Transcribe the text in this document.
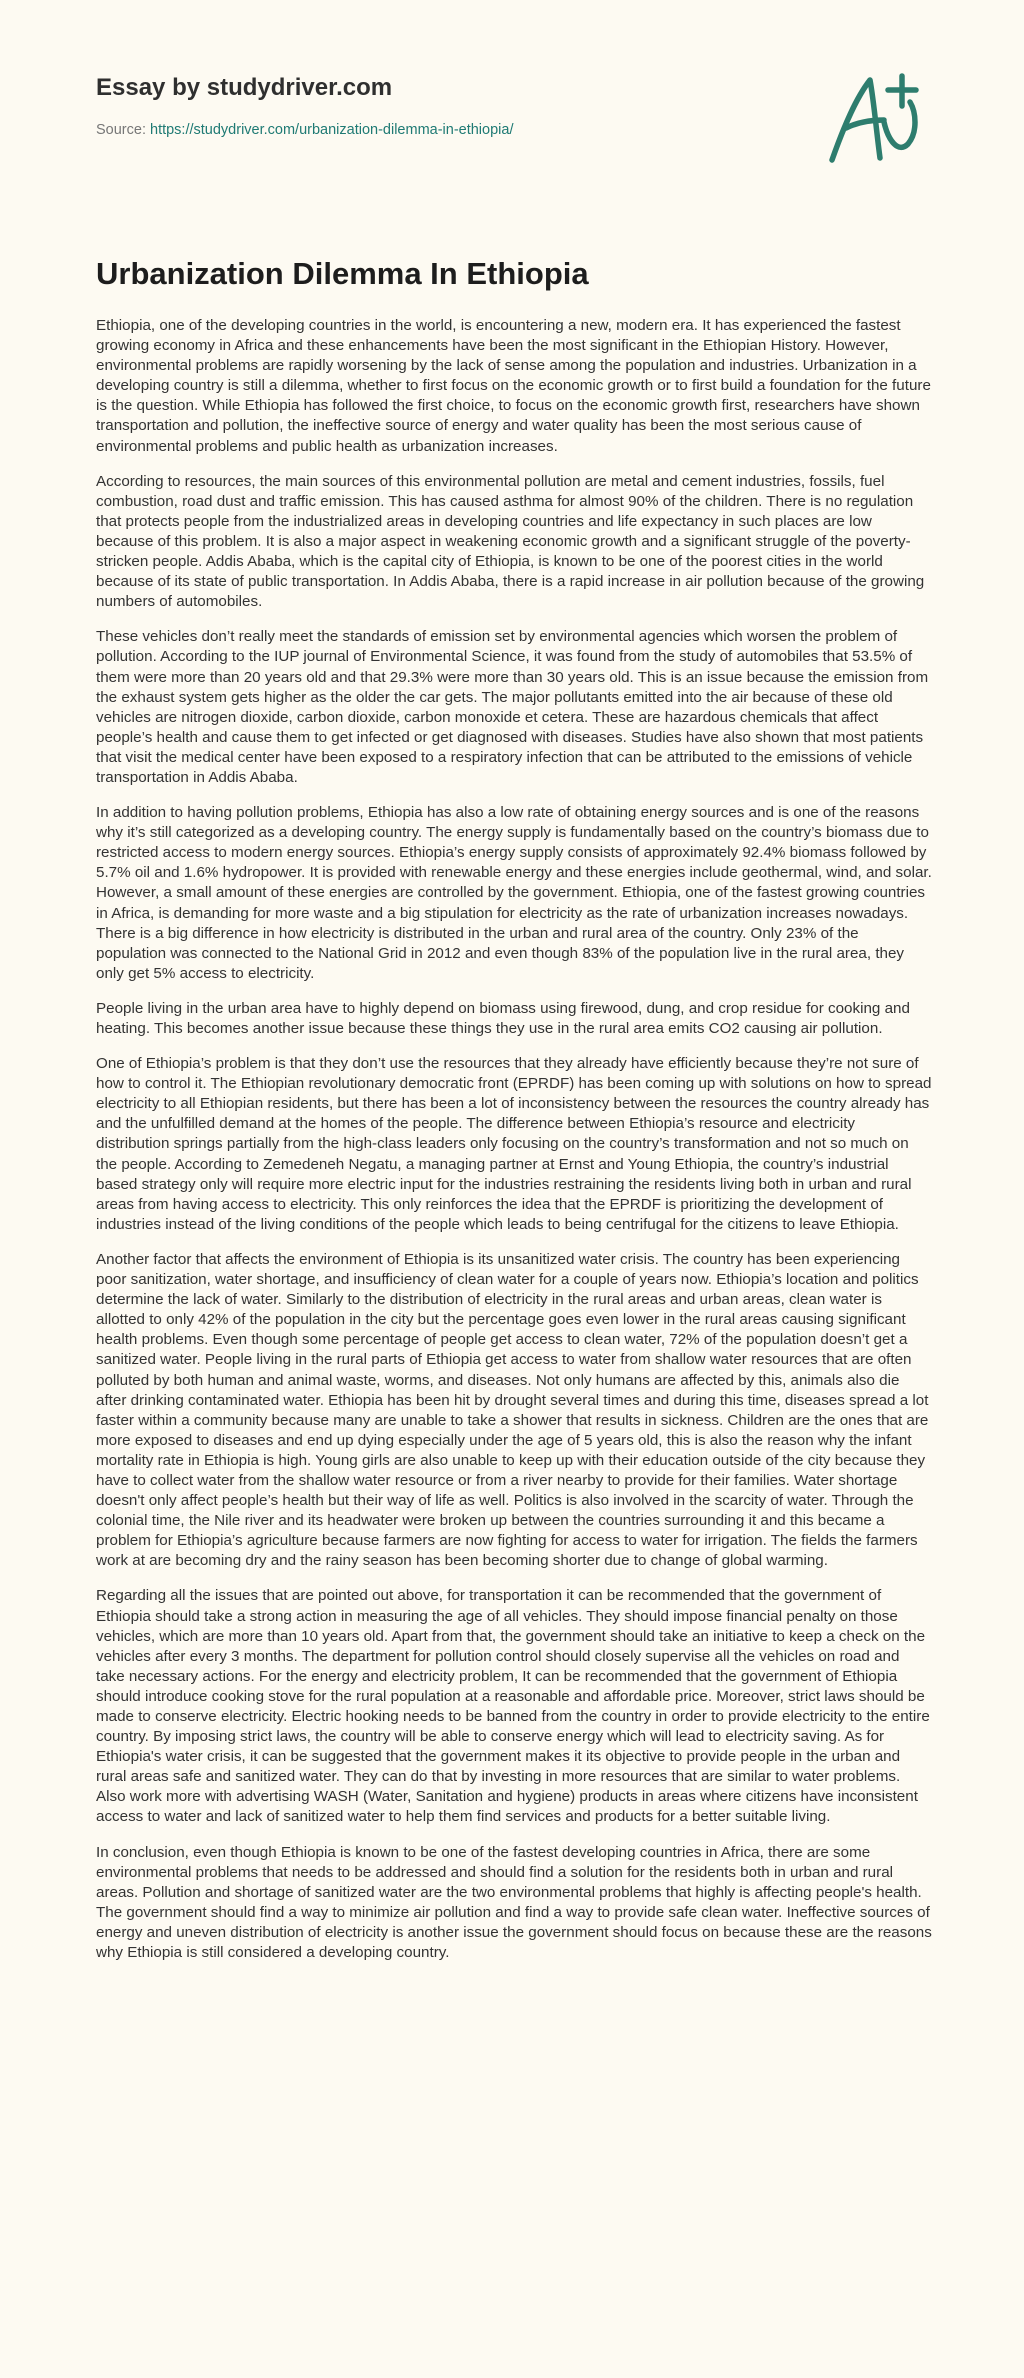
Essay by studydriver.com
Source: https://studydriver.com/urbanization-dilemma-in-ethiopia/
Urbanization Dilemma In Ethiopia

Ethiopia, one of the developing countries in the world, is encountering a new, modern era. It has experienced the fastest growing economy in Africa and these enhancements have been the most significant in the Ethiopian History. However, environmental problems are rapidly worsening by the lack of sense among the population and industries. Urbanization in a developing country is still a dilemma, whether to first focus on the economic growth or to first build a foundation for the future is the question. While Ethiopia has followed the first choice, to focus on the economic growth first, researchers have shown transportation and pollution, the ineffective source of energy and water quality has been the most serious cause of environmental problems and public health as urbanization increases.

According to resources, the main sources of this environmental pollution are metal and cement industries, fossils, fuel combustion, road dust and traffic emission. This has caused asthma for almost 90% of the children. There is no regulation that protects people from the industrialized areas in developing countries and life expectancy in such places are low because of this problem. It is also a major aspect in weakening economic growth and a significant struggle of the poverty-stricken people. Addis Ababa, which is the capital city of Ethiopia, is known to be one of the poorest cities in the world because of its state of public transportation. In Addis Ababa, there is a rapid increase in air pollution because of the growing numbers of automobiles.

These vehicles don’t really meet the standards of emission set by environmental agencies which worsen the problem of pollution. According to the IUP journal of Environmental Science, it was found from the study of automobiles that 53.5% of them were more than 20 years old and that 29.3% were more than 30 years old. This is an issue because the emission from the exhaust system gets higher as the older the car gets. The major pollutants emitted into the air because of these old vehicles are nitrogen dioxide, carbon dioxide, carbon monoxide et cetera. These are hazardous chemicals that affect people’s health and cause them to get infected or get diagnosed with diseases. Studies have also shown that most patients that visit the medical center have been exposed to a respiratory infection that can be attributed to the emissions of vehicle transportation in Addis Ababa.

In addition to having pollution problems, Ethiopia has also a low rate of obtaining energy sources and is one of the reasons why it’s still categorized as a developing country. The energy supply is fundamentally based on the country’s biomass due to restricted access to modern energy sources. Ethiopia’s energy supply consists of approximately 92.4% biomass followed by 5.7% oil and 1.6% hydropower. It is provided with renewable energy and these energies include geothermal, wind, and solar. However, a small amount of these energies are controlled by the government. Ethiopia, one of the fastest growing countries in Africa, is demanding for more waste and a big stipulation for electricity as the rate of urbanization increases nowadays. There is a big difference in how electricity is distributed in the urban and rural area of the country. Only 23% of the population was connected to the National Grid in 2012 and even though 83% of the population live in the rural area, they only get 5% access to electricity.

People living in the urban area have to highly depend on biomass using firewood, dung, and crop residue for cooking and heating. This becomes another issue because these things they use in the rural area emits CO2 causing air pollution.

One of Ethiopia’s problem is that they don’t use the resources that they already have efficiently because they’re not sure of how to control it. The Ethiopian revolutionary democratic front (EPRDF) has been coming up with solutions on how to spread electricity to all Ethiopian residents, but there has been a lot of inconsistency between the resources the country already has and the unfulfilled demand at the homes of the people. The difference between Ethiopia’s resource and electricity distribution springs partially from the high-class leaders only focusing on the country’s transformation and not so much on the people. According to Zemedeneh Negatu, a managing partner at Ernst and Young Ethiopia, the country’s industrial based strategy only will require more electric input for the industries restraining the residents living both in urban and rural areas from having access to electricity. This only reinforces the idea that the EPRDF is prioritizing the development of industries instead of the living conditions of the people which leads to being centrifugal for the citizens to leave Ethiopia.

Another factor that affects the environment of Ethiopia is its unsanitized water crisis. The country has been experiencing poor sanitization, water shortage, and insufficiency of clean water for a couple of years now. Ethiopia’s location and politics determine the lack of water. Similarly to the distribution of electricity in the rural areas and urban areas, clean water is allotted to only 42% of the population in the city but the percentage goes even lower in the rural areas causing significant health problems. Even though some percentage of people get access to clean water, 72% of the population doesn’t get a sanitized water. People living in the rural parts of Ethiopia get access to water from shallow water resources that are often polluted by both human and animal waste, worms, and diseases. Not only humans are affected by this, animals also die after drinking contaminated water. Ethiopia has been hit by drought several times and during this time, diseases spread a lot faster within a community because many are unable to take a shower that results in sickness. Children are the ones that are more exposed to diseases and end up dying especially under the age of 5 years old, this is also the reason why the infant mortality rate in Ethiopia is high. Young girls are also unable to keep up with their education outside of the city because they have to collect water from the shallow water resource or from a river nearby to provide for their families. Water shortage doesn't only affect people’s health but their way of life as well. Politics is also involved in the scarcity of water. Through the colonial time, the Nile river and its headwater were broken up between the countries surrounding it and this became a problem for Ethiopia’s agriculture because farmers are now fighting for access to water for irrigation. The fields the farmers work at are becoming dry and the rainy season has been becoming shorter due to change of global warming.

Regarding all the issues that are pointed out above, for transportation it can be recommended that the government of Ethiopia should take a strong action in measuring the age of all vehicles. They should impose financial penalty on those vehicles, which are more than 10 years old. Apart from that, the government should take an initiative to keep a check on the vehicles after every 3 months. The department for pollution control should closely supervise all the vehicles on road and take necessary actions. For the energy and electricity problem, It can be recommended that the government of Ethiopia should introduce cooking stove for the rural population at a reasonable and affordable price. Moreover, strict laws should be made to conserve electricity. Electric hooking needs to be banned from the country in order to provide electricity to the entire country. By imposing strict laws, the country will be able to conserve energy which will lead to electricity saving. As for Ethiopia's water crisis, it can be suggested that the government makes it its objective to provide people in the urban and rural areas safe and sanitized water. They can do that by investing in more resources that are similar to water problems. Also work more with advertising WASH (Water, Sanitation and hygiene) products in areas where citizens have inconsistent access to water and lack of sanitized water to help them find services and products for a better suitable living.

In conclusion, even though Ethiopia is known to be one of the fastest developing countries in Africa, there are some environmental problems that needs to be addressed and should find a solution for the residents both in urban and rural areas. Pollution and shortage of sanitized water are the two environmental problems that highly is affecting people's health. The government should find a way to minimize air pollution and find a way to provide safe clean water. Ineffective sources of energy and uneven distribution of electricity is another issue the government should focus on because these are the reasons why Ethiopia is still considered a developing country.
